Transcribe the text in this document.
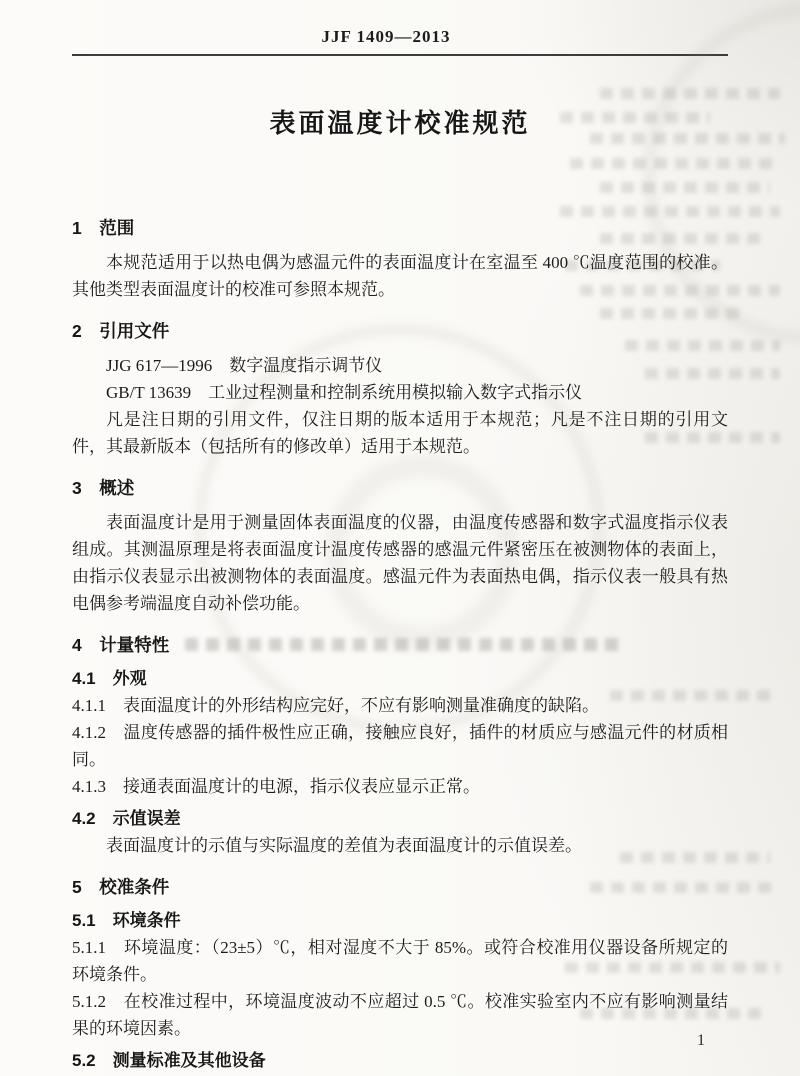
JJF 1409—2013
表面温度计校准规范
1　范围

本规范适用于以热电偶为感温元件的表面温度计在室温至 400 ℃温度范围的校准。其他类型表面温度计的校准可参照本规范。

2　引用文件

JJG 617—1996　数字温度指示调节仪

GB/T 13639　工业过程测量和控制系统用模拟输入数字式指示仪

凡是注日期的引用文件，仅注日期的版本适用于本规范；凡是不注日期的引用文件，其最新版本（包括所有的修改单）适用于本规范。

3　概述

表面温度计是用于测量固体表面温度的仪器，由温度传感器和数字式温度指示仪表组成。其测温原理是将表面温度计温度传感器的感温元件紧密压在被测物体的表面上，由指示仪表显示出被测物体的表面温度。感温元件为表面热电偶，指示仪表一般具有热电偶参考端温度自动补偿功能。

4　计量特性
4.1　外观

4.1.1　表面温度计的外形结构应完好，不应有影响测量准确度的缺陷。

4.1.2　温度传感器的插件极性应正确，接触应良好，插件的材质应与感温元件的材质相同。

4.1.3　接通表面温度计的电源，指示仪表应显示正常。

4.2　示值误差

表面温度计的示值与实际温度的差值为表面温度计的示值误差。

5　校准条件
5.1　环境条件

5.1.1　环境温度：（23±5）℃，相对湿度不大于 85%。或符合校准用仪器设备所规定的环境条件。

5.1.2　在校准过程中，环境温度波动不应超过 0.5 ℃。校准实验室内不应有影响测量结果的环境因素。

5.2　测量标准及其他设备
1
